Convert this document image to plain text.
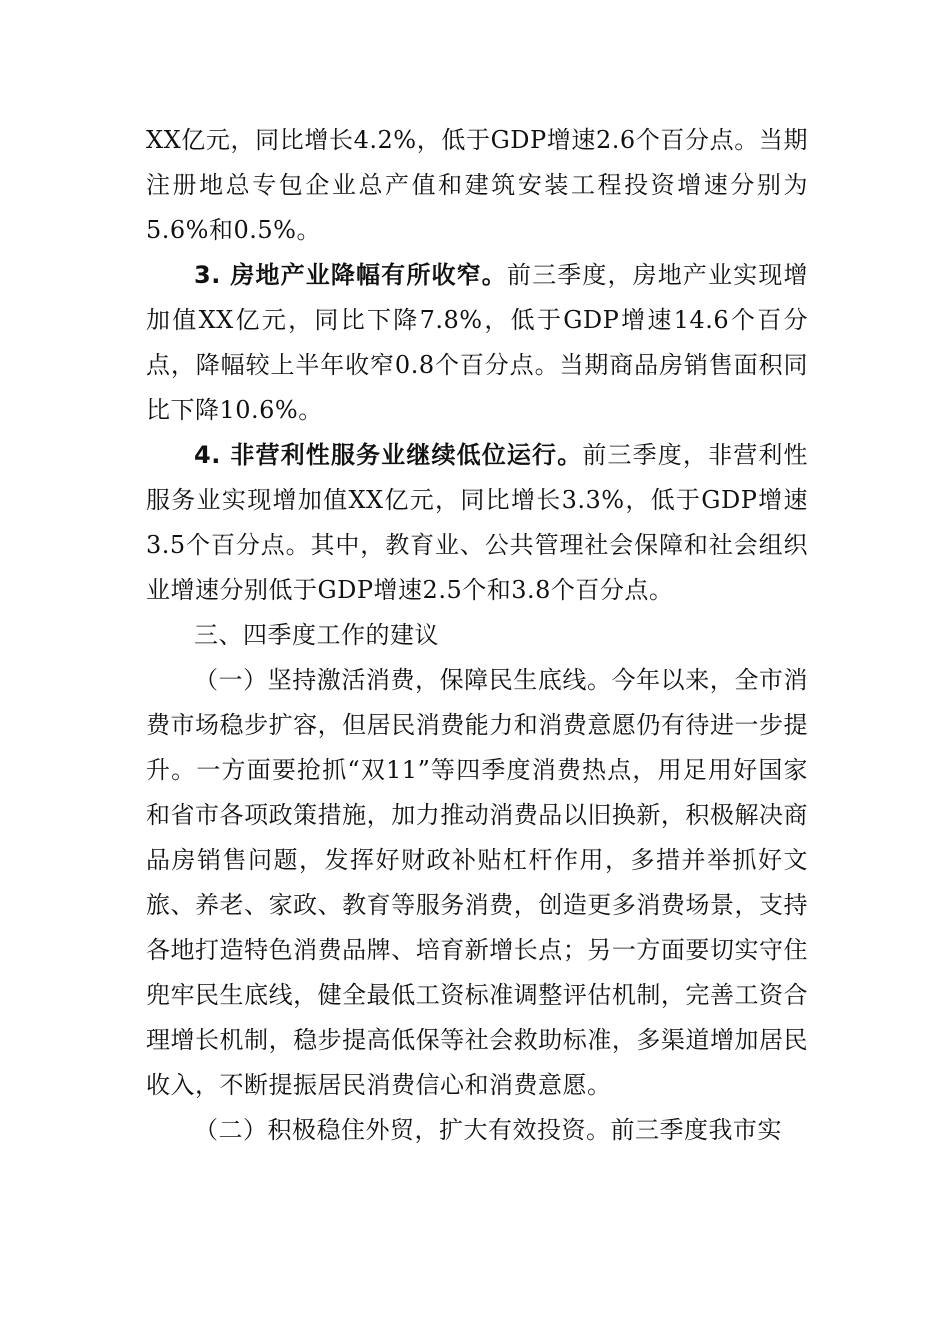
XX亿元，同比增长4.2%，低于GDP增速2.6个百分点。当期注册地总专包企业总产值和建筑安装工程投资增速分别为5.6%和0.5%。

3. 房地产业降幅有所收窄。前三季度，房地产业实现增加值XX亿元，同比下降7.8%，低于GDP增速14.6个百分点，降幅较上半年收窄0.8个百分点。当期商品房销售面积同比下降10.6%。

4. 非营利性服务业继续低位运行。前三季度，非营利性服务业实现增加值XX亿元，同比增长3.3%，低于GDP增速3.5个百分点。其中，教育业、公共管理社会保障和社会组织业增速分别低于GDP增速2.5个和3.8个百分点。

三、四季度工作的建议

（一）坚持激活消费，保障民生底线。今年以来，全市消费市场稳步扩容，但居民消费能力和消费意愿仍有待进一步提升。一方面要抢抓“双11”等四季度消费热点，用足用好国家和省市各项政策措施，加力推动消费品以旧换新，积极解决商品房销售问题，发挥好财政补贴杠杆作用，多措并举抓好文旅、养老、家政、教育等服务消费，创造更多消费场景，支持各地打造特色消费品牌、培育新增长点；另一方面要切实守住兜牢民生底线，健全最低工资标准调整评估机制，完善工资合理增长机制，稳步提高低保等社会救助标准，多渠道增加居民收入，不断提振居民消费信心和消费意愿。

（二）积极稳住外贸，扩大有效投资。前三季度我市实
